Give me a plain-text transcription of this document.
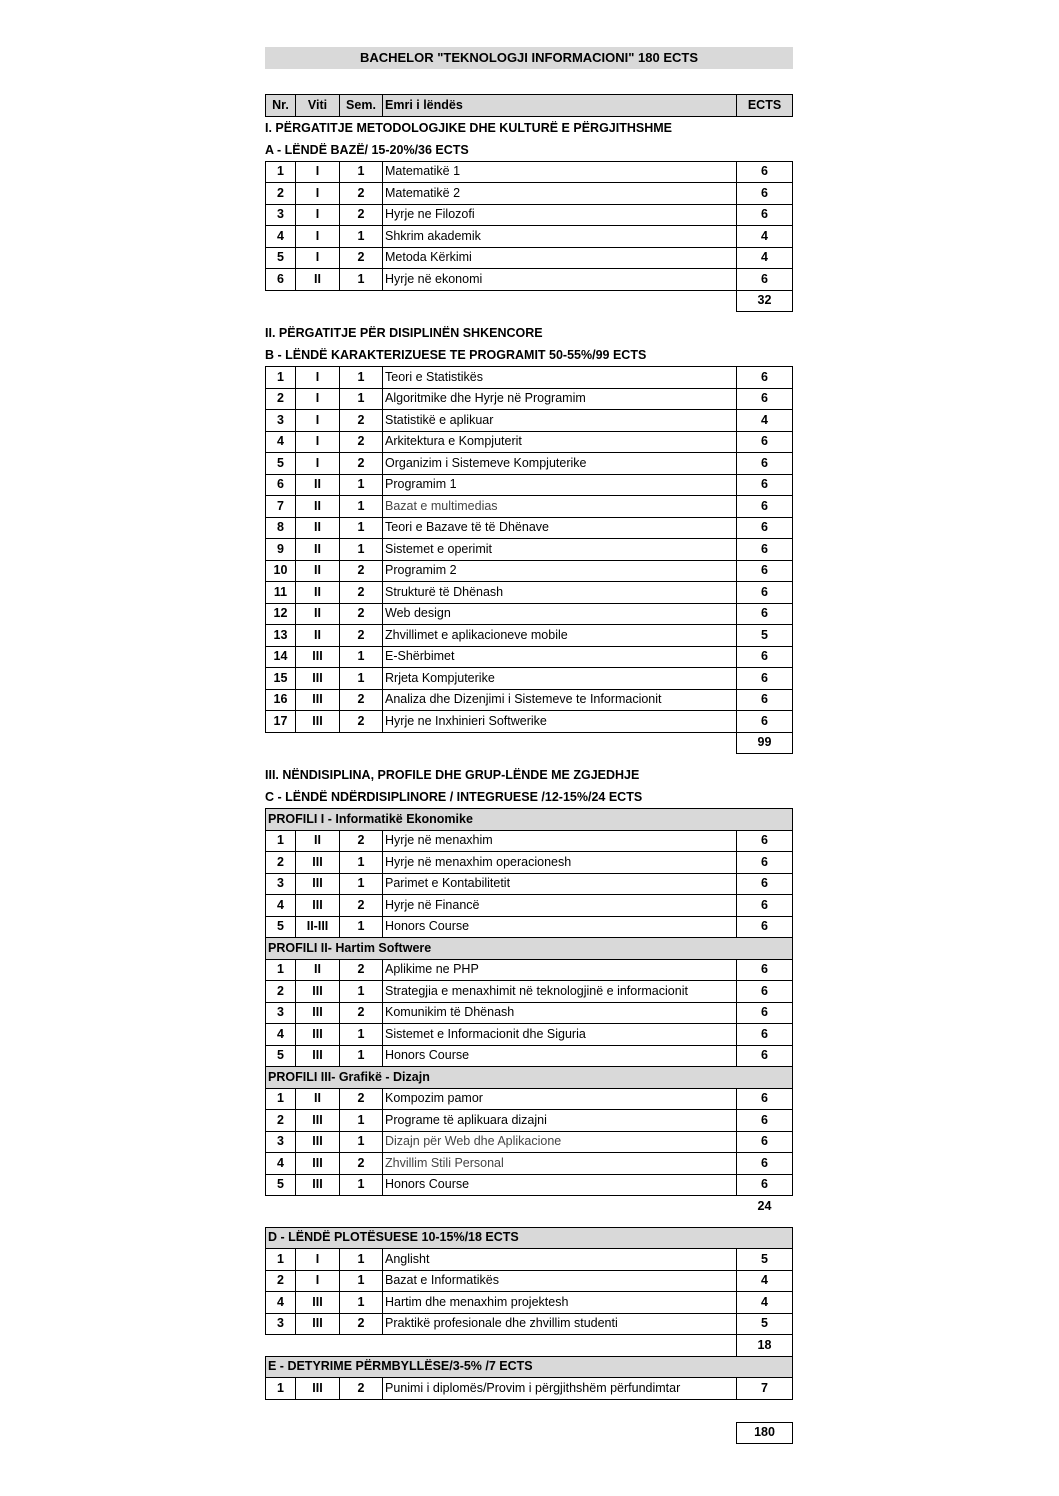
BACHELOR "TEKNOLOGJI INFORMACIONI" 180 ECTS
Nr.	Viti	Sem.	Emri i lëndës	ECTS
I. PËRGATITJE METODOLOGJIKE DHE KULTURË E PËRGJITHSHME
A - LËNDË BAZË/ 15-20%/36 ECTS
1	I	1	Matematikë 1	6
2	I	2	Matematikë 2	6
3	I	2	Hyrje ne Filozofi	6
4	I	1	Shkrim akademik	4
5	I	2	Metoda Kërkimi	4
6	II	1	Hyrje në ekonomi	6
				32
II. PËRGATITJE PËR DISIPLINËN SHKENCORE
B - LËNDË KARAKTERIZUESE TE PROGRAMIT 50-55%/99 ECTS
1	I	1	Teori e Statistikës	6
2	I	1	Algoritmike dhe Hyrje në Programim	6
3	I	2	Statistikë e aplikuar	4
4	I	2	Arkitektura e Kompjuterit	6
5	I	2	Organizim i Sistemeve Kompjuterike	6
6	II	1	Programim 1	6
7	II	1	Bazat e multimedias	6
8	II	1	Teori e Bazave të të Dhënave	6
9	II	1	Sistemet e operimit	6
10	II	2	Programim 2	6
11	II	2	Strukturë të Dhënash	6
12	II	2	Web design	6
13	II	2	Zhvillimet e aplikacioneve mobile	5
14	III	1	E-Shërbimet	6
15	III	1	Rrjeta Kompjuterike	6
16	III	2	Analiza dhe Dizenjimi i Sistemeve te Informacionit	6
17	III	2	Hyrje ne Inxhinieri Softwerike	6
				99
III. NËNDISIPLINA, PROFILE DHE GRUP-LËNDE ME ZGJEDHJE
C - LËNDË NDËRDISIPLINORE / INTEGRUESE /12-15%/24 ECTS
PROFILI I - Informatikë Ekonomike				
1	II	2	Hyrje në menaxhim	6
2	III	1	Hyrje në menaxhim operacionesh	6
3	III	1	Parimet e Kontabilitetit	6
4	III	2	Hyrje në Financë	6
5	II-III	1	Honors Course	6
PROFILI II- Hartim Softwere				
1	II	2	Aplikime ne PHP	6
2	III	1	Strategjia e menaxhimit në teknologjinë e informacionit	6
3	III	2	Komunikim të Dhënash	6
4	III	1	Sistemet e Informacionit dhe Siguria	6
5	III	1	Honors Course	6
PROFILI III- Grafikë - Dizajn				
1	II	2	Kompozim pamor	6
2	III	1	Programe të aplikuara dizajni	6
3	III	1	Dizajn për Web dhe Aplikacione	6
4	III	2	Zhvillim Stili Personal	6
5	III	1	Honors Course	6
				24
D - LËNDË PLOTËSUESE 10-15%/18 ECTS				
1	I	1	Anglisht	5
2	I	1	Bazat e Informatikës	4
4	III	1	Hartim dhe menaxhim projektesh	4
3	III	2	Praktikë profesionale dhe zhvillim studenti	5
				18
E - DETYRIME PËRMBYLLËSE/3-5% /7 ECTS
1	III	2	Punimi i diplomës/Provim i përgjithshëm përfundimtar	7
	180
